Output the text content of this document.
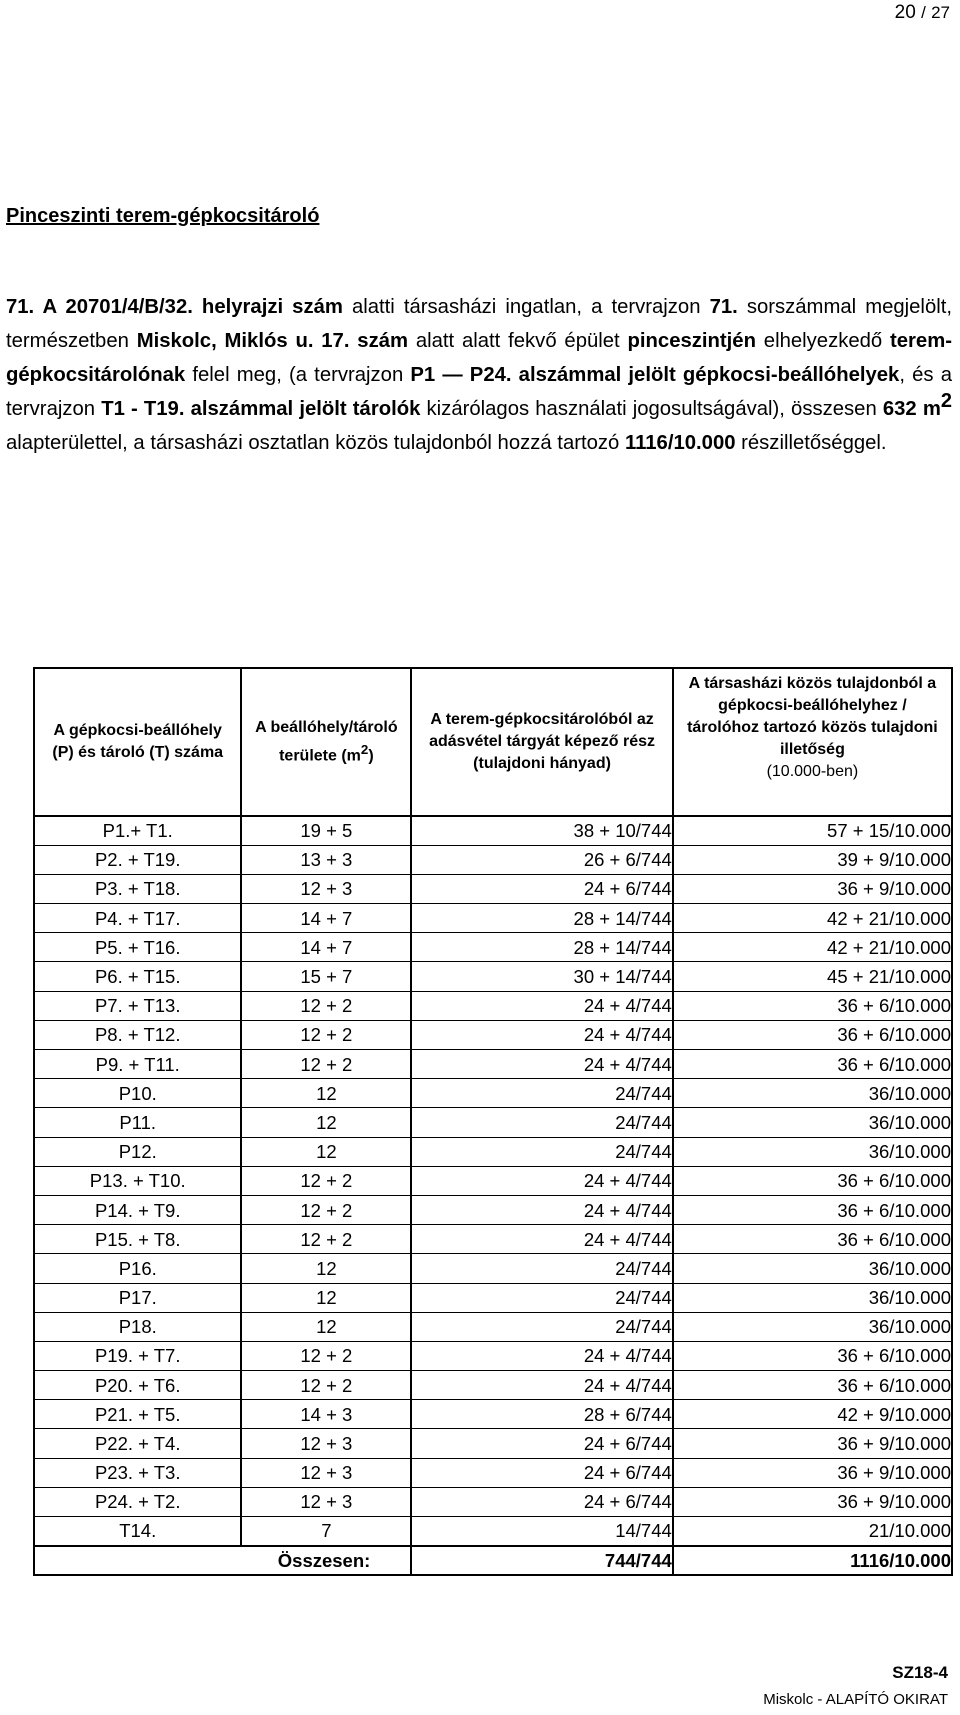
20 / 27
Pinceszinti terem-gépkocsitároló
71. A 20701/4/B/32. helyrajzi szám alatti társasházi ingatlan, a tervrajzon 71. sorszámmal megjelölt, természetben Miskolc, Miklós u. 17. szám alatt alatt fekvő épület pinceszintjén elhelyezkedő terem-gépkocsitárolónak felel meg, (a tervrajzon P1 — P24. alszámmal jelölt gépkocsi-beállóhelyek, és a tervrajzon T1 - T19. alszámmal jelölt tárolók kizárólagos használati jogosultságával), összesen 632 $m^2$ alapterülettel, a társasházi osztatlan közös tulajdonból hozzá tartozó 1116/10.000 részilletőséggel.
A gépkocsi-beállóhely (P) és tároló (T) száma	A beállóhely/tároló területe $(m^2)$	A terem-gépkocsitárolóból az adásvétel tárgyát képező rész (tulajdoni hányad)	A társasházi közös tulajdonból a gépkocsi-beállóhelyhez / tárolóhoz tartozó közös tulajdoni illetőség
(10.000-ben)

P1.+ T1.	19 + 5	38 + 10/744	57 + 15/10.000
P2. + T19.	13 + 3	26 + 6/744	39 + 9/10.000
P3. + T18.	12 + 3	24 + 6/744	36 + 9/10.000
P4. + T17.	14 + 7	28 + 14/744	42 + 21/10.000
P5. + T16.	14 + 7	28 + 14/744	42 + 21/10.000
P6. + T15.	15 + 7	30 + 14/744	45 + 21/10.000
P7. + T13.	12 + 2	24 + 4/744	36 + 6/10.000
P8. + T12.	12 + 2	24 + 4/744	36 + 6/10.000
P9. + T11.	12 + 2	24 + 4/744	36 + 6/10.000
P10.	12	24/744	36/10.000
P11.	12	24/744	36/10.000
P12.	12	24/744	36/10.000
P13. + T10.	12 + 2	24 + 4/744	36 + 6/10.000
P14. + T9.	12 + 2	24 + 4/744	36 + 6/10.000
P15. + T8.	12 + 2	24 + 4/744	36 + 6/10.000
P16.	12	24/744	36/10.000
P17.	12	24/744	36/10.000
P18.	12	24/744	36/10.000
P19. + T7.	12 + 2	24 + 4/744	36 + 6/10.000
P20. + T6.	12 + 2	24 + 4/744	36 + 6/10.000
P21. + T5.	14 + 3	28 + 6/744	42 + 9/10.000
P22. + T4.	12 + 3	24 + 6/744	36 + 9/10.000
P23. + T3.	12 + 3	24 + 6/744	36 + 9/10.000
P24. + T2.	12 + 3	24 + 6/744	36 + 9/10.000
T14.	7	14/744	21/10.000
Összesen:		744/744	1116/10.000
SZ18-4
Miskolc - ALAPÍTÓ OKIRAT
